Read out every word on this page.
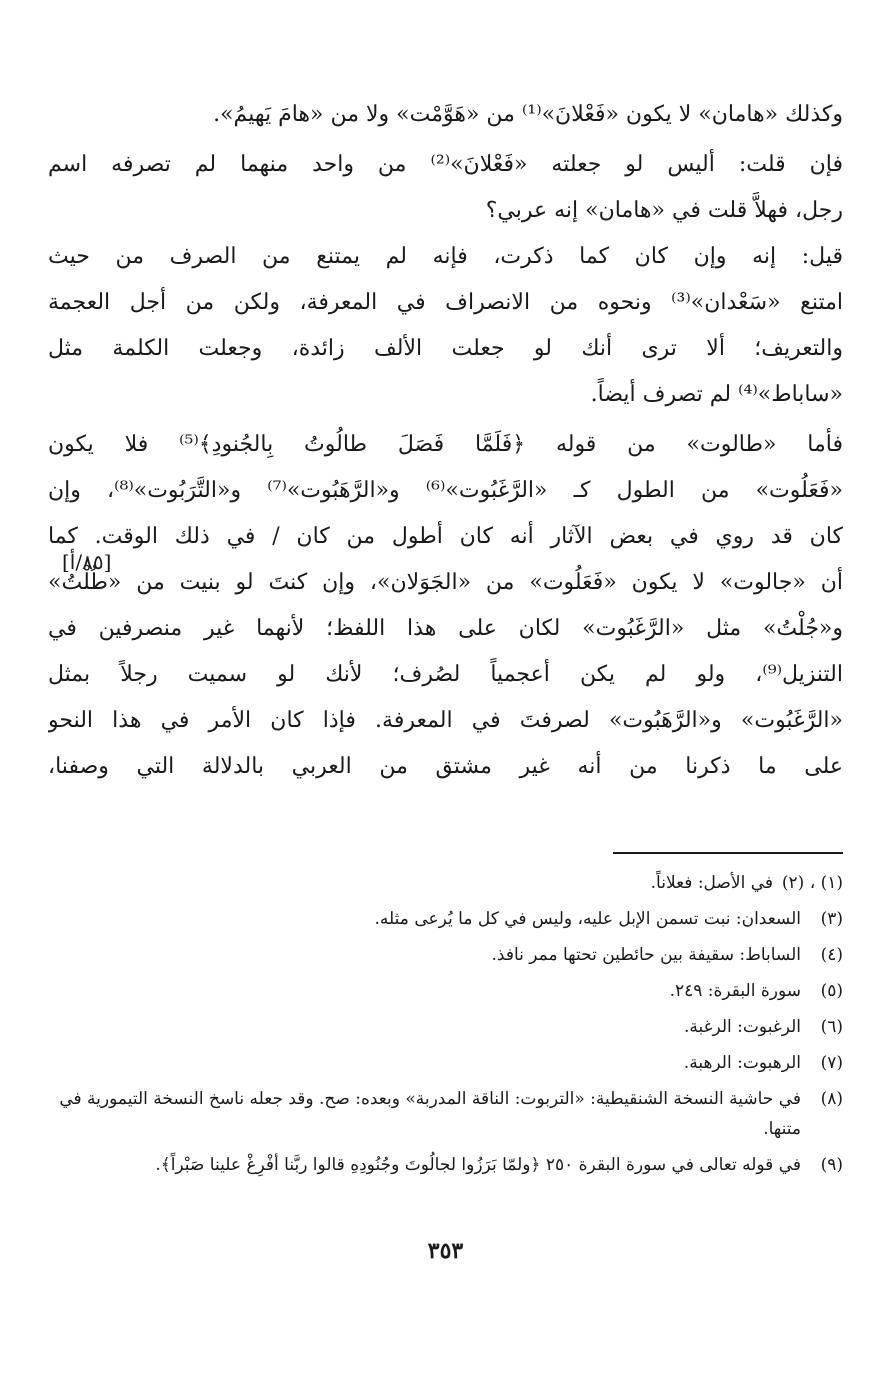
وكذلك «هامان» لا يكون «فَعْلانَ»⁽¹⁾ من «هَوَّمْت» ولا من «هامَ يَهيمُ».
فإن قلت: أليس لو جعلته «فَعْلانَ»⁽²⁾ من واحد منهما لم تصرفه اسم
رجل، فهلاَّ قلت في «هامان» إنه عربي؟
قيل: إنه وإن كان كما ذكرت، فإنه لم يمتنع من الصرف من حيث
امتنع «سَعْدان»⁽³⁾ ونحوه من الانصراف في المعرفة، ولكن من أجل العجمة
والتعريف؛ ألا ترى أنك لو جعلت الألف زائدة، وجعلت الكلمة مثل
«ساباط»⁽⁴⁾ لم تصرف أيضاً.
فأما «طالوت» من قوله ﴿فَلَمَّا فَصَلَ طالُوتُ بِالجُنودِ﴾⁽⁵⁾ فلا يكون
«فَعَلُوت» من الطول كـ «الرَّغَبُوت»⁽⁶⁾ و«الرَّهَبُوت»⁽⁷⁾ و«التَّرَبُوت»⁽⁸⁾، وإن
كان قد روي في بعض الآثار أنه كان أطول من كان / في ذلك الوقت. كما
أن «جالوت» لا يكون «فَعَلُوت» من «الجَوَلان»، وإن كنتَ لو بنيت من «طُلْتُ»
و«جُلْتُ» مثل «الرَّغَبُوت» لكان على هذا اللفظ؛ لأنهما غير منصرفين في
التنزيل⁽⁹⁾، ولو لم يكن أعجمياً لصُرف؛ لأنك لو سميت رجلاً بمثل
«الرَّغَبُوت» و«الرَّهَبُوت» لصرفتَ في المعرفة. فإذا كان الأمر في هذا النحو
على ما ذكرنا من أنه غير مشتق من العربي بالدلالة التي وصفنا،
[٨٥/أ]
(١) ، (٢)
في الأصل: فعلاناً.
(٣)
السعدان: نبت تسمن الإبل عليه، وليس في كل ما يُرعى مثله.
(٤)
الساباط: سقيفة بين حائطين تحتها ممر نافذ.
(٥)
سورة البقرة: ٢٤٩.
(٦)
الرغبوت: الرغبة.
(٧)
الرهبوت: الرهبة.
(٨)
في حاشية النسخة الشنقيطية: «التربوت: الناقة المدربة» وبعده: صح. وقد جعله ناسخ النسخة التيمورية في متنها.
(٩)
في قوله تعالى في سورة البقرة ٢٥٠ ﴿ولمّا بَرَزُوا لجالُوتَ وجُنُودِهِ قالوا ربَّنا أفْرِغْ علينا صَبْراً﴾.
٣٥٣
